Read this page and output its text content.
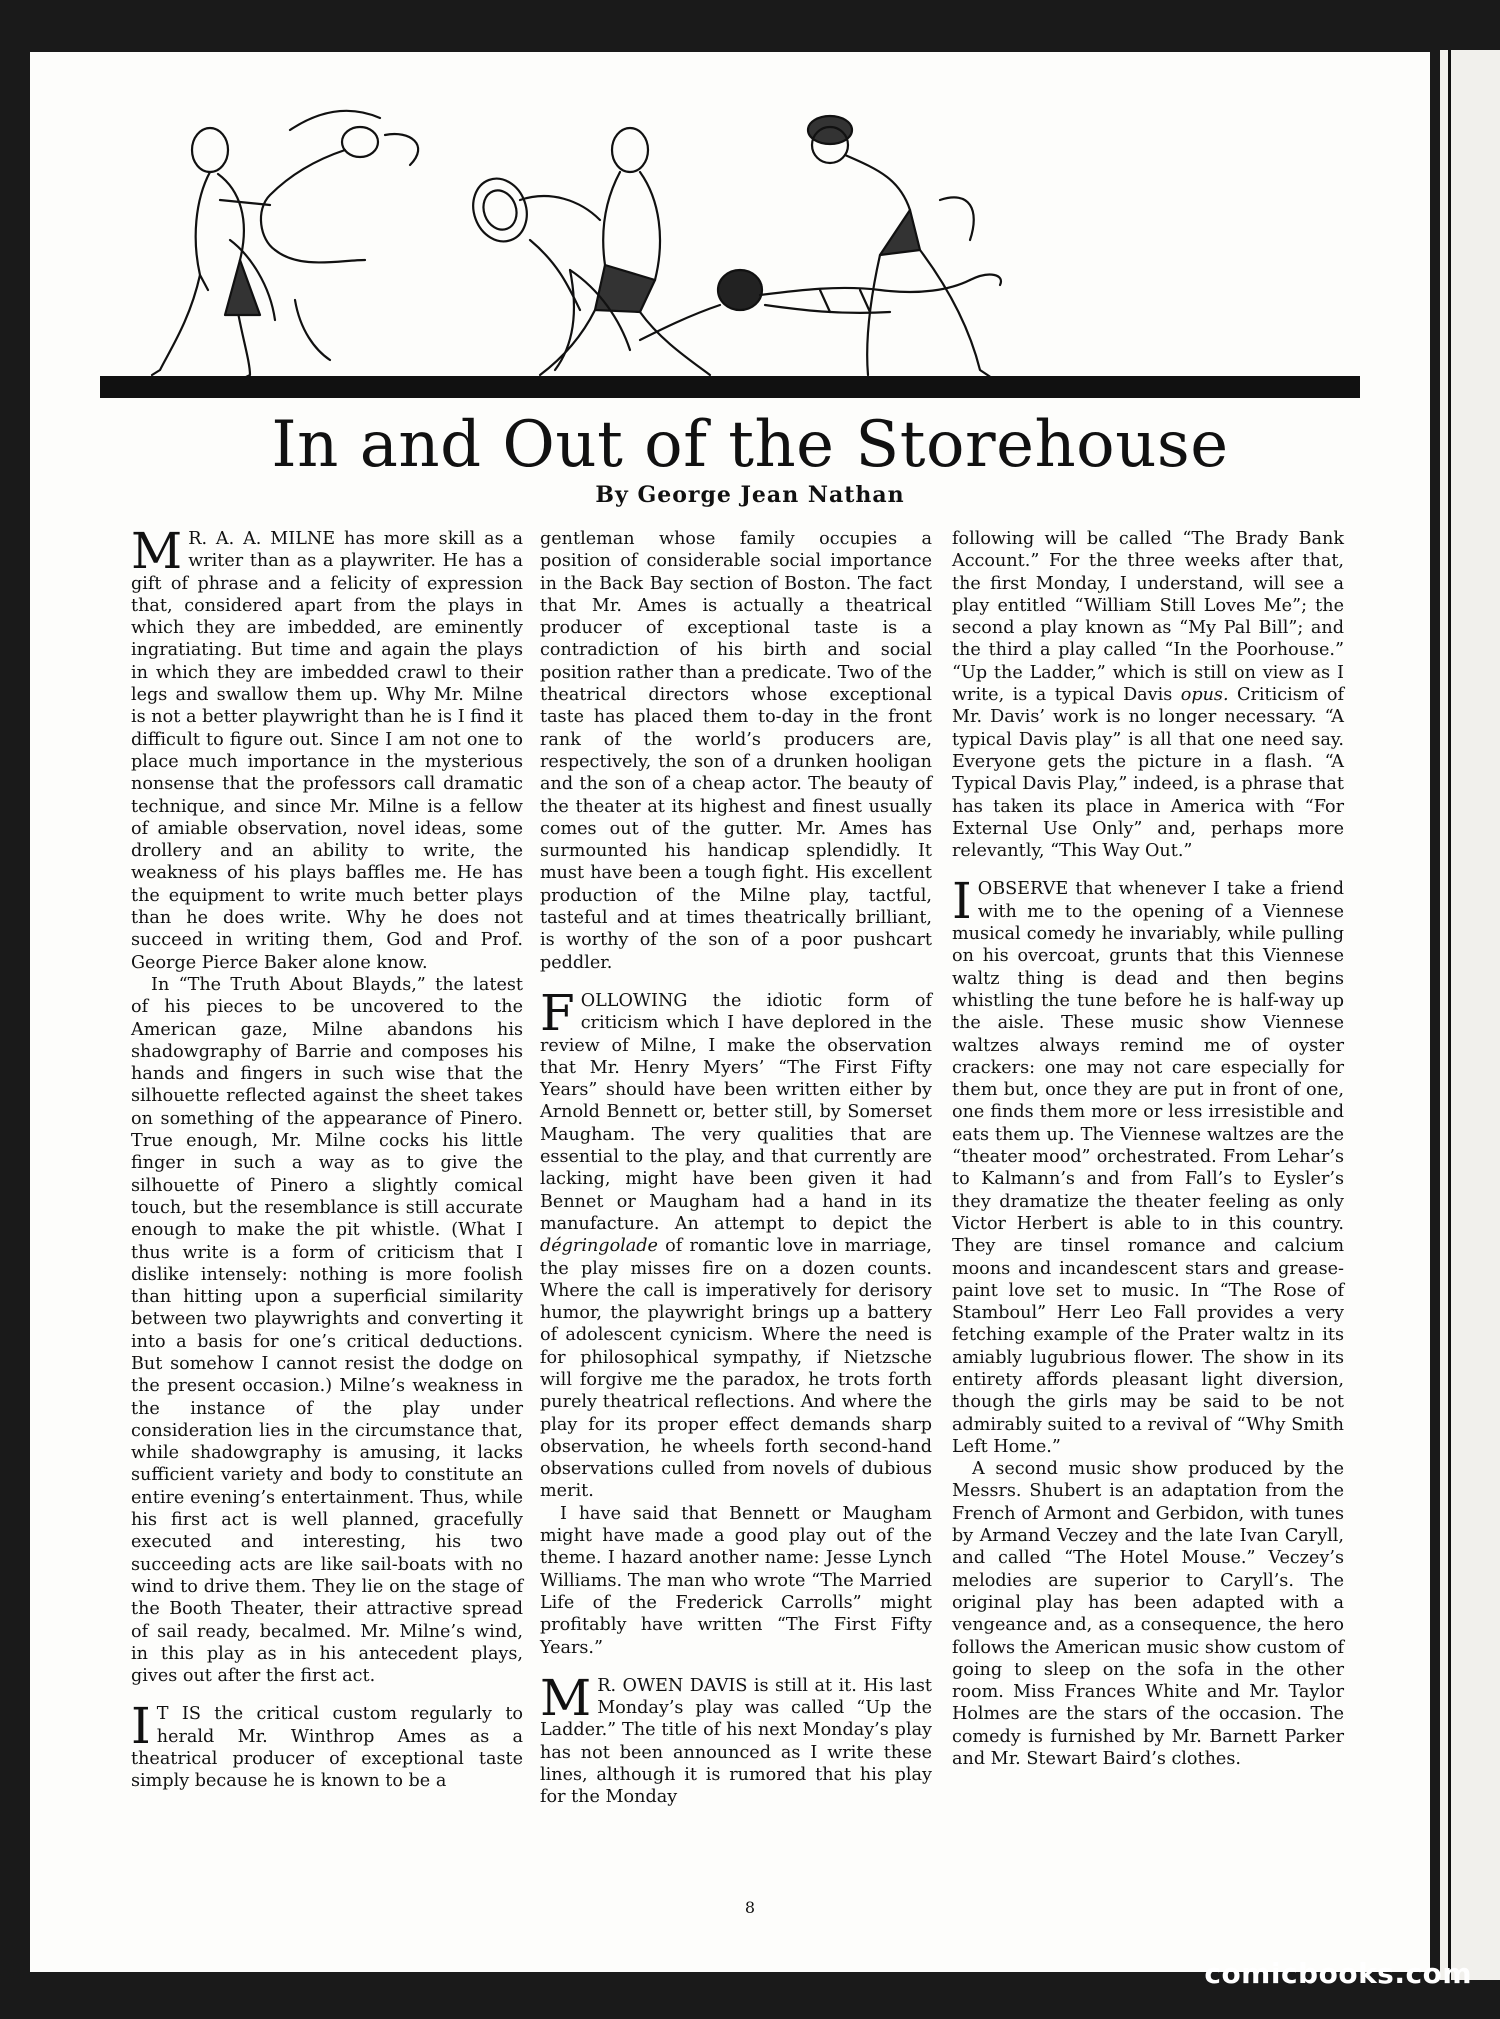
In and Out of the Storehouse
By George Jean Nathan

M R. A. A. MILNE has more skill as a writer than as a playwriter. He has a gift of phrase and a felicity of expression that, considered apart from the plays in which they are imbedded, are eminently ingratiating. But time and again the plays in which they are imbedded crawl to their legs and swallow them up. Why Mr. Milne is not a better playwright than he is I find it difficult to figure out. Since I am not one to place much importance in the mysterious nonsense that the professors call dramatic technique, and since Mr. Milne is a fellow of amiable observation, novel ideas, some drollery and an ability to write, the weakness of his plays baffles me. He has the equipment to write much better plays than he does write. Why he does not succeed in writing them, God and Prof. George Pierce Baker alone know.

In “The Truth About Blayds,” the latest of his pieces to be uncovered to the American gaze, Milne abandons his shadowgraphy of Barrie and composes his hands and fingers in such wise that the silhouette reflected against the sheet takes on something of the appearance of Pinero. True enough, Mr. Milne cocks his little finger in such a way as to give the silhouette of Pinero a slightly comical touch, but the resemblance is still accurate enough to make the pit whistle. (What I thus write is a form of criticism that I dislike intensely: nothing is more foolish than hitting upon a superficial similarity between two playwrights and converting it into a basis for one’s critical deductions. But somehow I cannot resist the dodge on the present occasion.) Milne’s weakness in the instance of the play under consideration lies in the circumstance that, while shadowgraphy is amusing, it lacks sufficient variety and body to constitute an entire evening’s entertainment. Thus, while his first act is well planned, gracefully executed and interesting, his two succeeding acts are like sail-boats with no wind to drive them. They lie on the stage of the Booth Theater, their attractive spread of sail ready, becalmed. Mr. Milne’s wind, in this play as in his antecedent plays, gives out after the first act.

I T IS the critical custom regularly to herald Mr. Winthrop Ames as a theatrical producer of exceptional taste simply because he is known to be a

gentleman whose family occupies a position of considerable social importance in the Back Bay section of Boston. The fact that Mr. Ames is actually a theatrical producer of exceptional taste is a contradiction of his birth and social position rather than a predicate. Two of the theatrical directors whose exceptional taste has placed them to-day in the front rank of the world’s producers are, respectively, the son of a drunken hooligan and the son of a cheap actor. The beauty of the theater at its highest and finest usually comes out of the gutter. Mr. Ames has surmounted his handicap splendidly. It must have been a tough fight. His excellent production of the Milne play, tactful, tasteful and at times theatrically brilliant, is worthy of the son of a poor pushcart peddler.

FOLLOWING the idiotic form of criticism which I have deplored in the review of Milne, I make the observation that Mr. Henry Myers’ “The First Fifty Years” should have been written either by Arnold Bennett or, better still, by Somerset Maugham. The very qualities that are essential to the play, and that currently are lacking, might have been given it had Bennet or Maugham had a hand in its manufacture. An attempt to depict the dégringolade of romantic love in marriage, the play misses fire on a dozen counts. Where the call is imperatively for derisory humor, the playwright brings up a battery of adolescent cynicism. Where the need is for philosophical sympathy, if Nietzsche will forgive me the paradox, he trots forth purely theatrical reflections. And where the play for its proper effect demands sharp observation, he wheels forth second-hand observations culled from novels of dubious merit.

I have said that Bennett or Maugham might have made a good play out of the theme. I hazard another name: Jesse Lynch Williams. The man who wrote “The Married Life of the Frederick Carrolls” might profitably have written “The First Fifty Years.”

M R. OWEN DAVIS is still at it. His last Monday’s play was called “Up the Ladder.” The title of his next Monday’s play has not been announced as I write these lines, although it is rumored that his play for the Monday

following will be called “The Brady Bank Account.” For the three weeks after that, the first Monday, I understand, will see a play entitled “William Still Loves Me”; the second a play known as “My Pal Bill”; and the third a play called “In the Poorhouse.” “Up the Ladder,” which is still on view as I write, is a typical Davis opus. Criticism of Mr. Davis’ work is no longer necessary. “A typical Davis play” is all that one need say. Everyone gets the picture in a flash. “A Typical Davis Play,” indeed, is a phrase that has taken its place in America with “For External Use Only” and, perhaps more relevantly, “This Way Out.”

IOBSERVE that whenever I take a friend with me to the opening of a Viennese musical comedy he invariably, while pulling on his overcoat, grunts that this Viennese waltz thing is dead and then begins whistling the tune before he is half-way up the aisle. These music show Viennese waltzes always remind me of oyster crackers: one may not care especially for them but, once they are put in front of one, one finds them more or less irresistible and eats them up. The Viennese waltzes are the “theater mood” orchestrated. From Lehar’s to Kalmann’s and from Fall’s to Eysler’s they dramatize the theater feeling as only Victor Herbert is able to in this country. They are tinsel romance and calcium moons and incandescent stars and grease-paint love set to music. In “The Rose of Stamboul” Herr Leo Fall provides a very fetching example of the Prater waltz in its amiably lugubrious flower. The show in its entirety affords pleasant light diversion, though the girls may be said to be not admirably suited to a revival of “Why Smith Left Home.”

A second music show produced by the Messrs. Shubert is an adaptation from the French of Armont and Gerbidon, with tunes by Armand Veczey and the late Ivan Caryll, and called “The Hotel Mouse.” Veczey’s melodies are superior to Caryll’s. The original play has been adapted with a vengeance and, as a consequence, the hero follows the American music show custom of going to sleep on the sofa in the other room. Miss Frances White and Mr. Taylor Holmes are the stars of the occasion. The comedy is furnished by Mr. Barnett Parker and Mr. Stewart Baird’s clothes.

8
comicbooks.com
